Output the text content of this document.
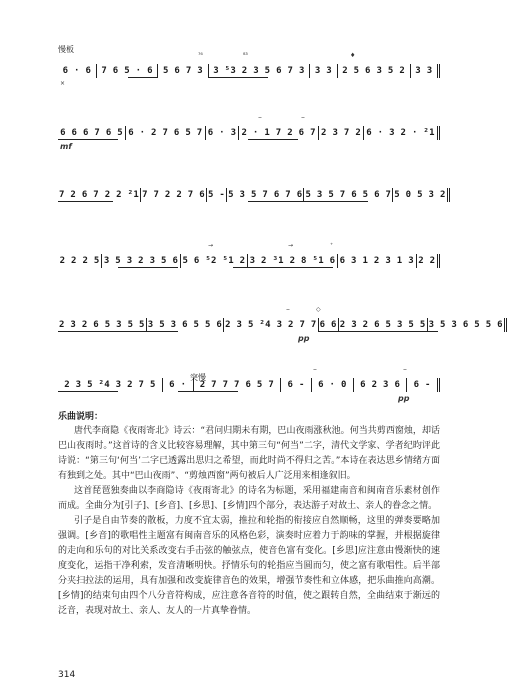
慢板
突慢
⁷⁶	⁸³	♦
6 · 6	7 6 5 · 6	5 6 7 3	3 ⁵3 2 3 5 6 7 3	3 3	2 5 6 3 5 2	3 3
×
⌢	⌢
6 6 6 7 6 5 6 · 2 7 6 5 7 6 · 3 2 · 1 7 2 6 7 2 3 7 2 6 · 3 2 · ²1
mf
7 2 6 7 2 2 ²1 7 7 2 2 7 6 5 - 5 3 5 7 6 7 6 5 3 5 7 6 5 6 7 5 0 5 3 2
→	→	⁺
2 2 2 5 3 5 3 2 3 5 6 5 6 ⁵2 ⁵1 2 3 2 ³1 2 8 ⁵1 6 6 3 1 2 3 1 3 2 2
⌢	◇
2 3 2 6 5 3 5 5 3 5 3 6 5 5 6 2 3 5 ²4 3 2 7 7 6 6 2 3 2 6 5 3 5 5 3 5 3 6 5 5 6
pp
⌢	⌢
2 3 5 ²4 3 2 7 5	6 ·	2 7 7 7 6 5 7	6 -	6 · 0	6 2 3 6	6 -
pp
乐曲说明：

唐代李商隐《夜雨寄北》诗云：“君问归期未有期，巴山夜雨涨秋池。何当共剪西窗烛，却话巴山夜雨时。”这首诗的含义比较容易理解，其中第三句“何当”二字，清代文学家、学者纪昀评此诗说：“第三句‘何当’二字已透露出思归之希望，而此时尚不得归之苦。”本诗在表达思乡情绪方面有独到之处。其中“巴山夜雨”、“剪烛西窗”两句被后人广泛用来相逢叙旧。

这首琵琶独奏曲以李商隐诗《夜雨寄北》的诗名为标题，采用福建南音和闽南音乐素材创作而成。全曲分为[引子]、[乡音]、[乡思]、[乡情]四个部分，表达游子对故土、亲人的眷念之情。

引子是自由节奏的散板，力度不宜太弱，推拉和轮指的衔接应自然顺畅，这里的弹奏要略加强调。[乡音]的歌唱性主题富有闽南音乐的风格色彩，演奏时应着力于韵味的掌握，并根据旋律的走向和乐句的对比关系改变右手击弦的触弦点，使音色富有变化。[乡思]应注意由慢渐快的速度变化，运指干净利索，发音清晰明快。抒情乐句的轮指应当圆而匀，使之富有歌唱性。后半部分夹扫拉法的运用，具有加强和改变旋律音色的效果，增强节奏性和立体感，把乐曲推向高潮。[乡情]的结束句由四个八分音符构成，应注意各音符的时值，使之跟转自然，全曲结束于渐远的泛音，表现对故土、亲人、友人的一片真挚眷情。

314
